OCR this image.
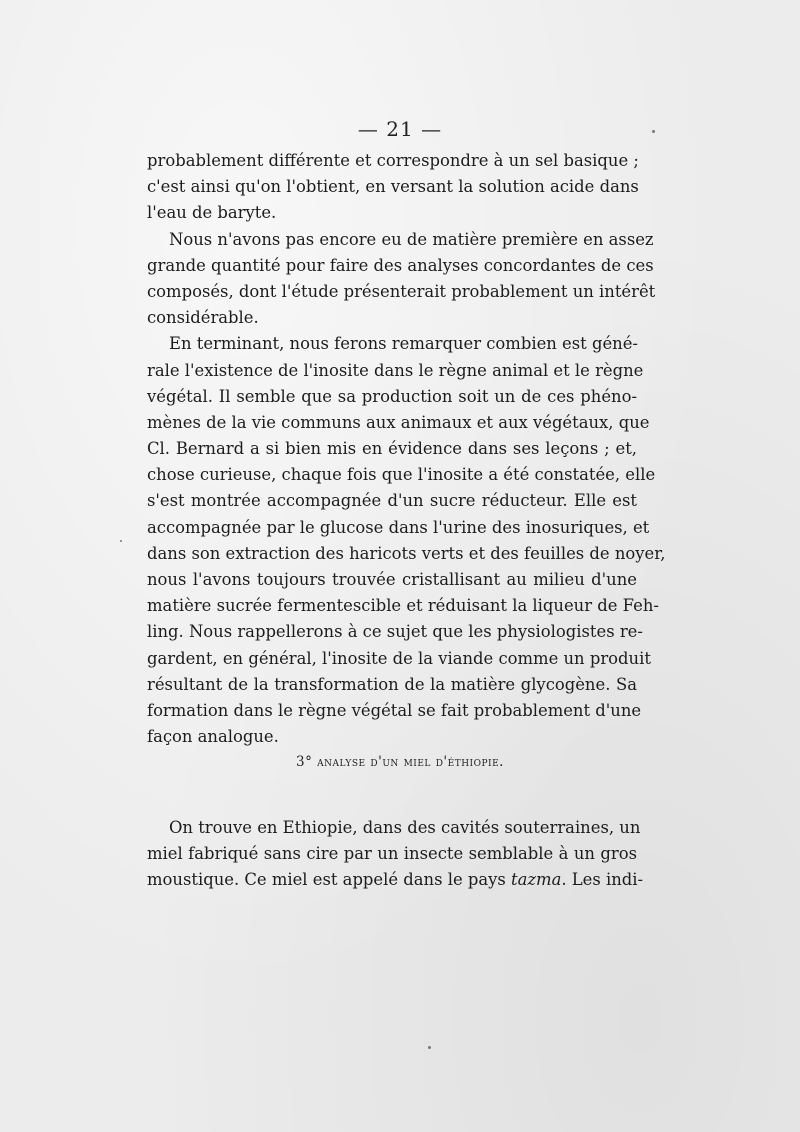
— 21 —
probablement différente et correspondre à un sel basique ;
c'est ainsi qu'on l'obtient, en versant la solution acide dans
l'eau de baryte.
Nous n'avons pas encore eu de matière première en assez
grande quantité pour faire des analyses concordantes de ces
composés, dont l'étude présenterait probablement un intérêt
considérable.
En terminant, nous ferons remarquer combien est géné-
rale l'existence de l'inosite dans le règne animal et le règne
végétal. Il semble que sa production soit un de ces phéno-
mènes de la vie communs aux animaux et aux végétaux, que
Cl. Bernard a si bien mis en évidence dans ses leçons ; et,
chose curieuse, chaque fois que l'inosite a été constatée, elle
s'est montrée accompagnée d'un sucre réducteur. Elle est
accompagnée par le glucose dans l'urine des inosuriques, et
dans son extraction des haricots verts et des feuilles de noyer,
nous l'avons toujours trouvée cristallisant au milieu d'une
matière sucrée fermentescible et réduisant la liqueur de Feh-
ling. Nous rappellerons à ce sujet que les physiologistes re-
gardent, en général, l'inosite de la viande comme un produit
résultant de la transformation de la matière glycogène. Sa
formation dans le règne végétal se fait probablement d'une
façon analogue.
3° analyse d'un miel d'éthiopie.
On trouve en Ethiopie, dans des cavités souterraines, un
miel fabriqué sans cire par un insecte semblable à un gros
moustique. Ce miel est appelé dans le pays tazma. Les indi-
